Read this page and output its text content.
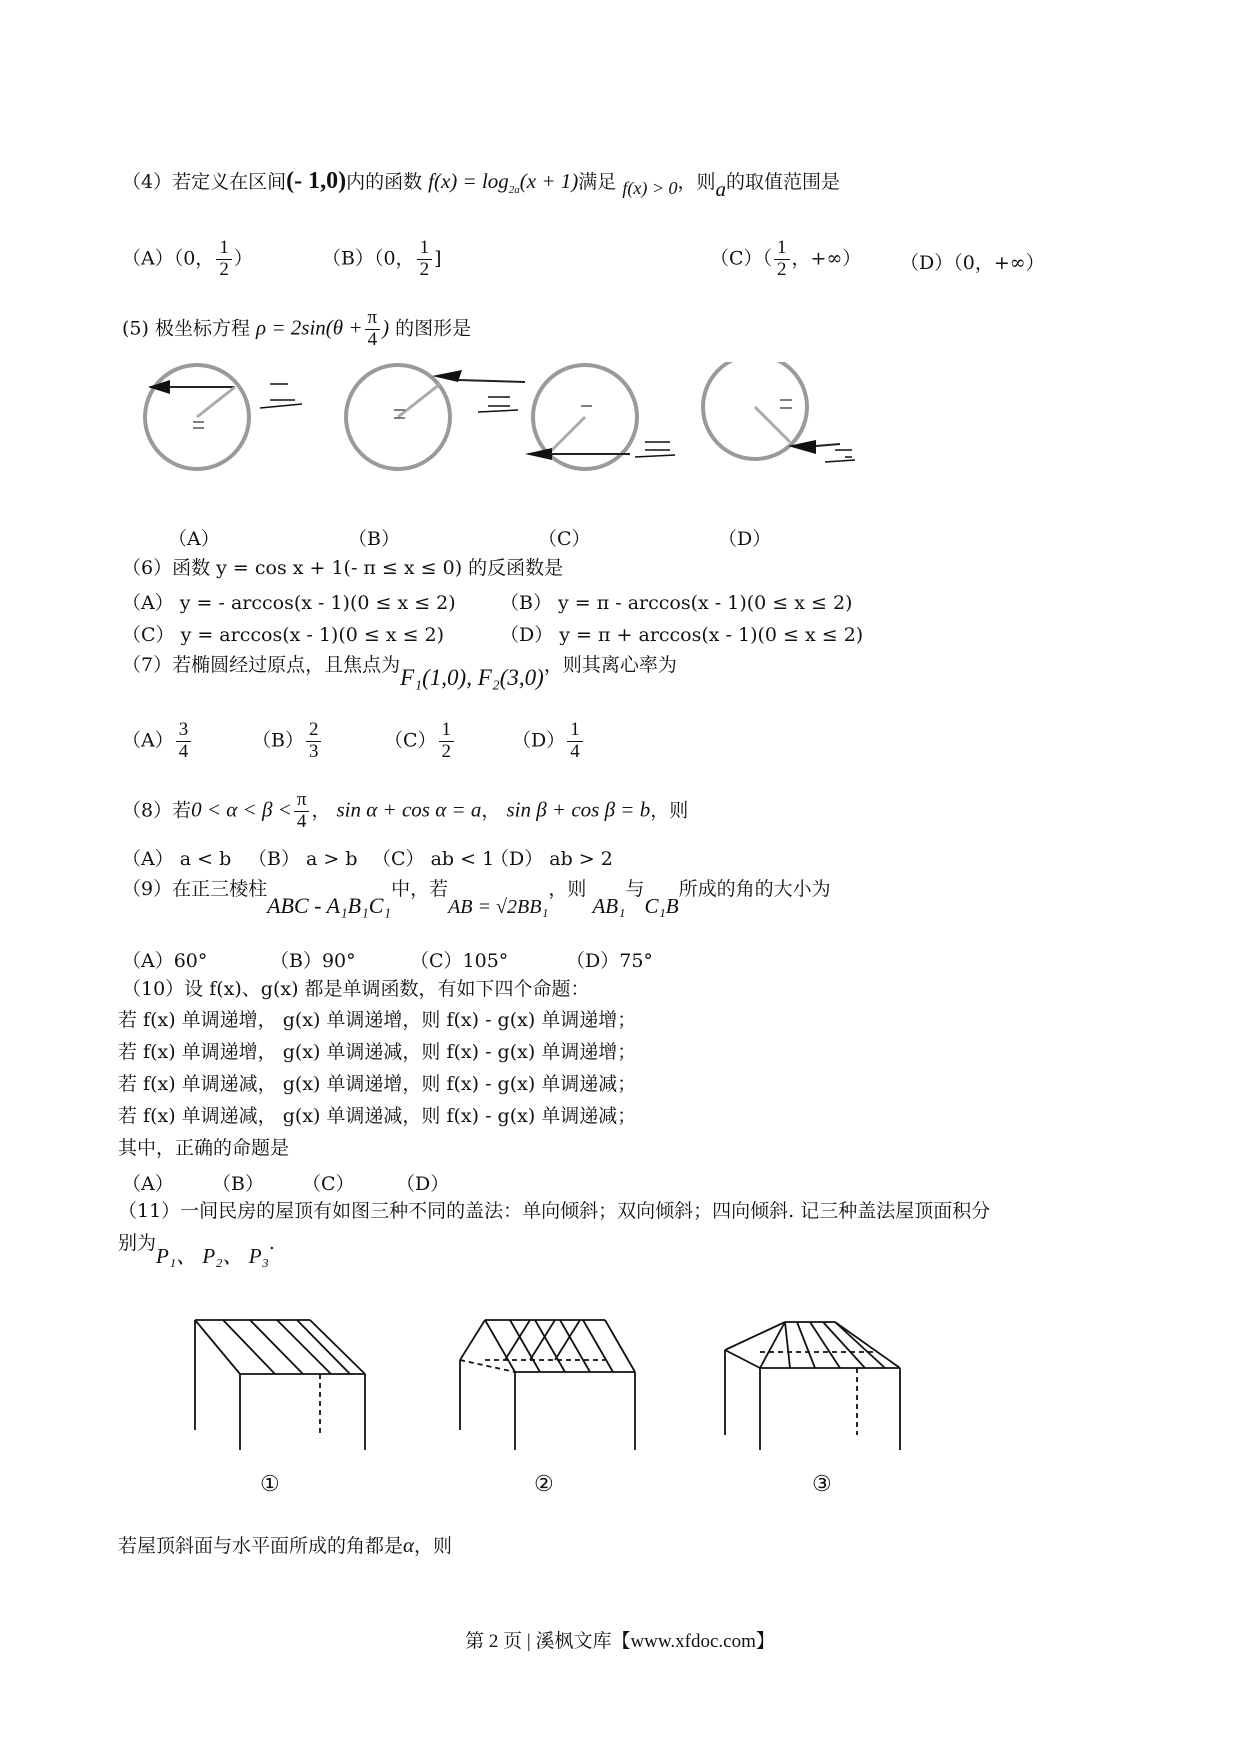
（4）若定义在区间(- 1,0)内的函数 $f(x) = \log_{2a}(x + 1)$满足 f(x) > 0，则a的取值范围是
（A）（0， $\frac{1}{2}$ ）	（B）（0， $\frac{1}{2}$ ]	$(C)( \frac{1}{2}$ ，+∞） （D）（0，+∞）
(5) 极坐标方程 $\rho = 2\sin(\theta + \frac{\pi}{4}$ ) 的图形是
（A）	（B）	（C）	（D）
（6）函数 y = cos x + 1(- π ≤ x ≤ 0) 的反函数是
（A） y = - arccos(x - 1)(0 ≤ x ≤ 2) （B） y = π - arccos(x - 1)(0 ≤ x ≤ 2)
（C） y = arccos(x - 1)(0 ≤ x ≤ 2)	（D） y = π + arccos(x - 1)(0 ≤ x ≤ 2)
（7）若椭圆经过原点，且焦点为F₁(1,0), F₂(3,0)，则其离心率为
$(A) \frac{3}{4}$	$(B) \frac{2}{3}$	$(C) \frac{1}{2}$	$(D) \frac{1}{4}$
（8）若$0 < \alpha < \beta < \frac{\pi}{4}$ ， sin α + cos α = a， sin β + cos β = b，则
（A） a < b （B） a > b （C） ab < 1
（D） ab > 2
（9）在正三棱柱ABC - A₁B₁C₁中，若AB = √2BB₁，则 AB₁与C₁B所成的角的大小为
（A）60°	（B）90°	（C）105°	（D）75°
（10）设 f(x)、g(x) 都是单调函数，有如下四个命题：
若 f(x) 单调递增， g(x) 单调递增，则 f(x) - g(x) 单调递增；
若 f(x) 单调递增， g(x) 单调递减，则 f(x) - g(x) 单调递增；
若 f(x) 单调递减， g(x) 单调递增，则 f(x) - g(x) 单调递减；
若 f(x) 单调递减， g(x) 单调递减，则 f(x) - g(x) 单调递减；
其中，正确的命题是
（A） （B） （C） （D）
（11）一间民房的屋顶有如图三种不同的盖法：单向倾斜；双向倾斜；四向倾斜. 记三种盖法屋顶面积分
别为P₁、 P₂、 P₃.
①	②	③
若屋顶斜面与水平面所成的角都是α，则
第 2 页 | 溪枫文库【www.xfdoc.com】
